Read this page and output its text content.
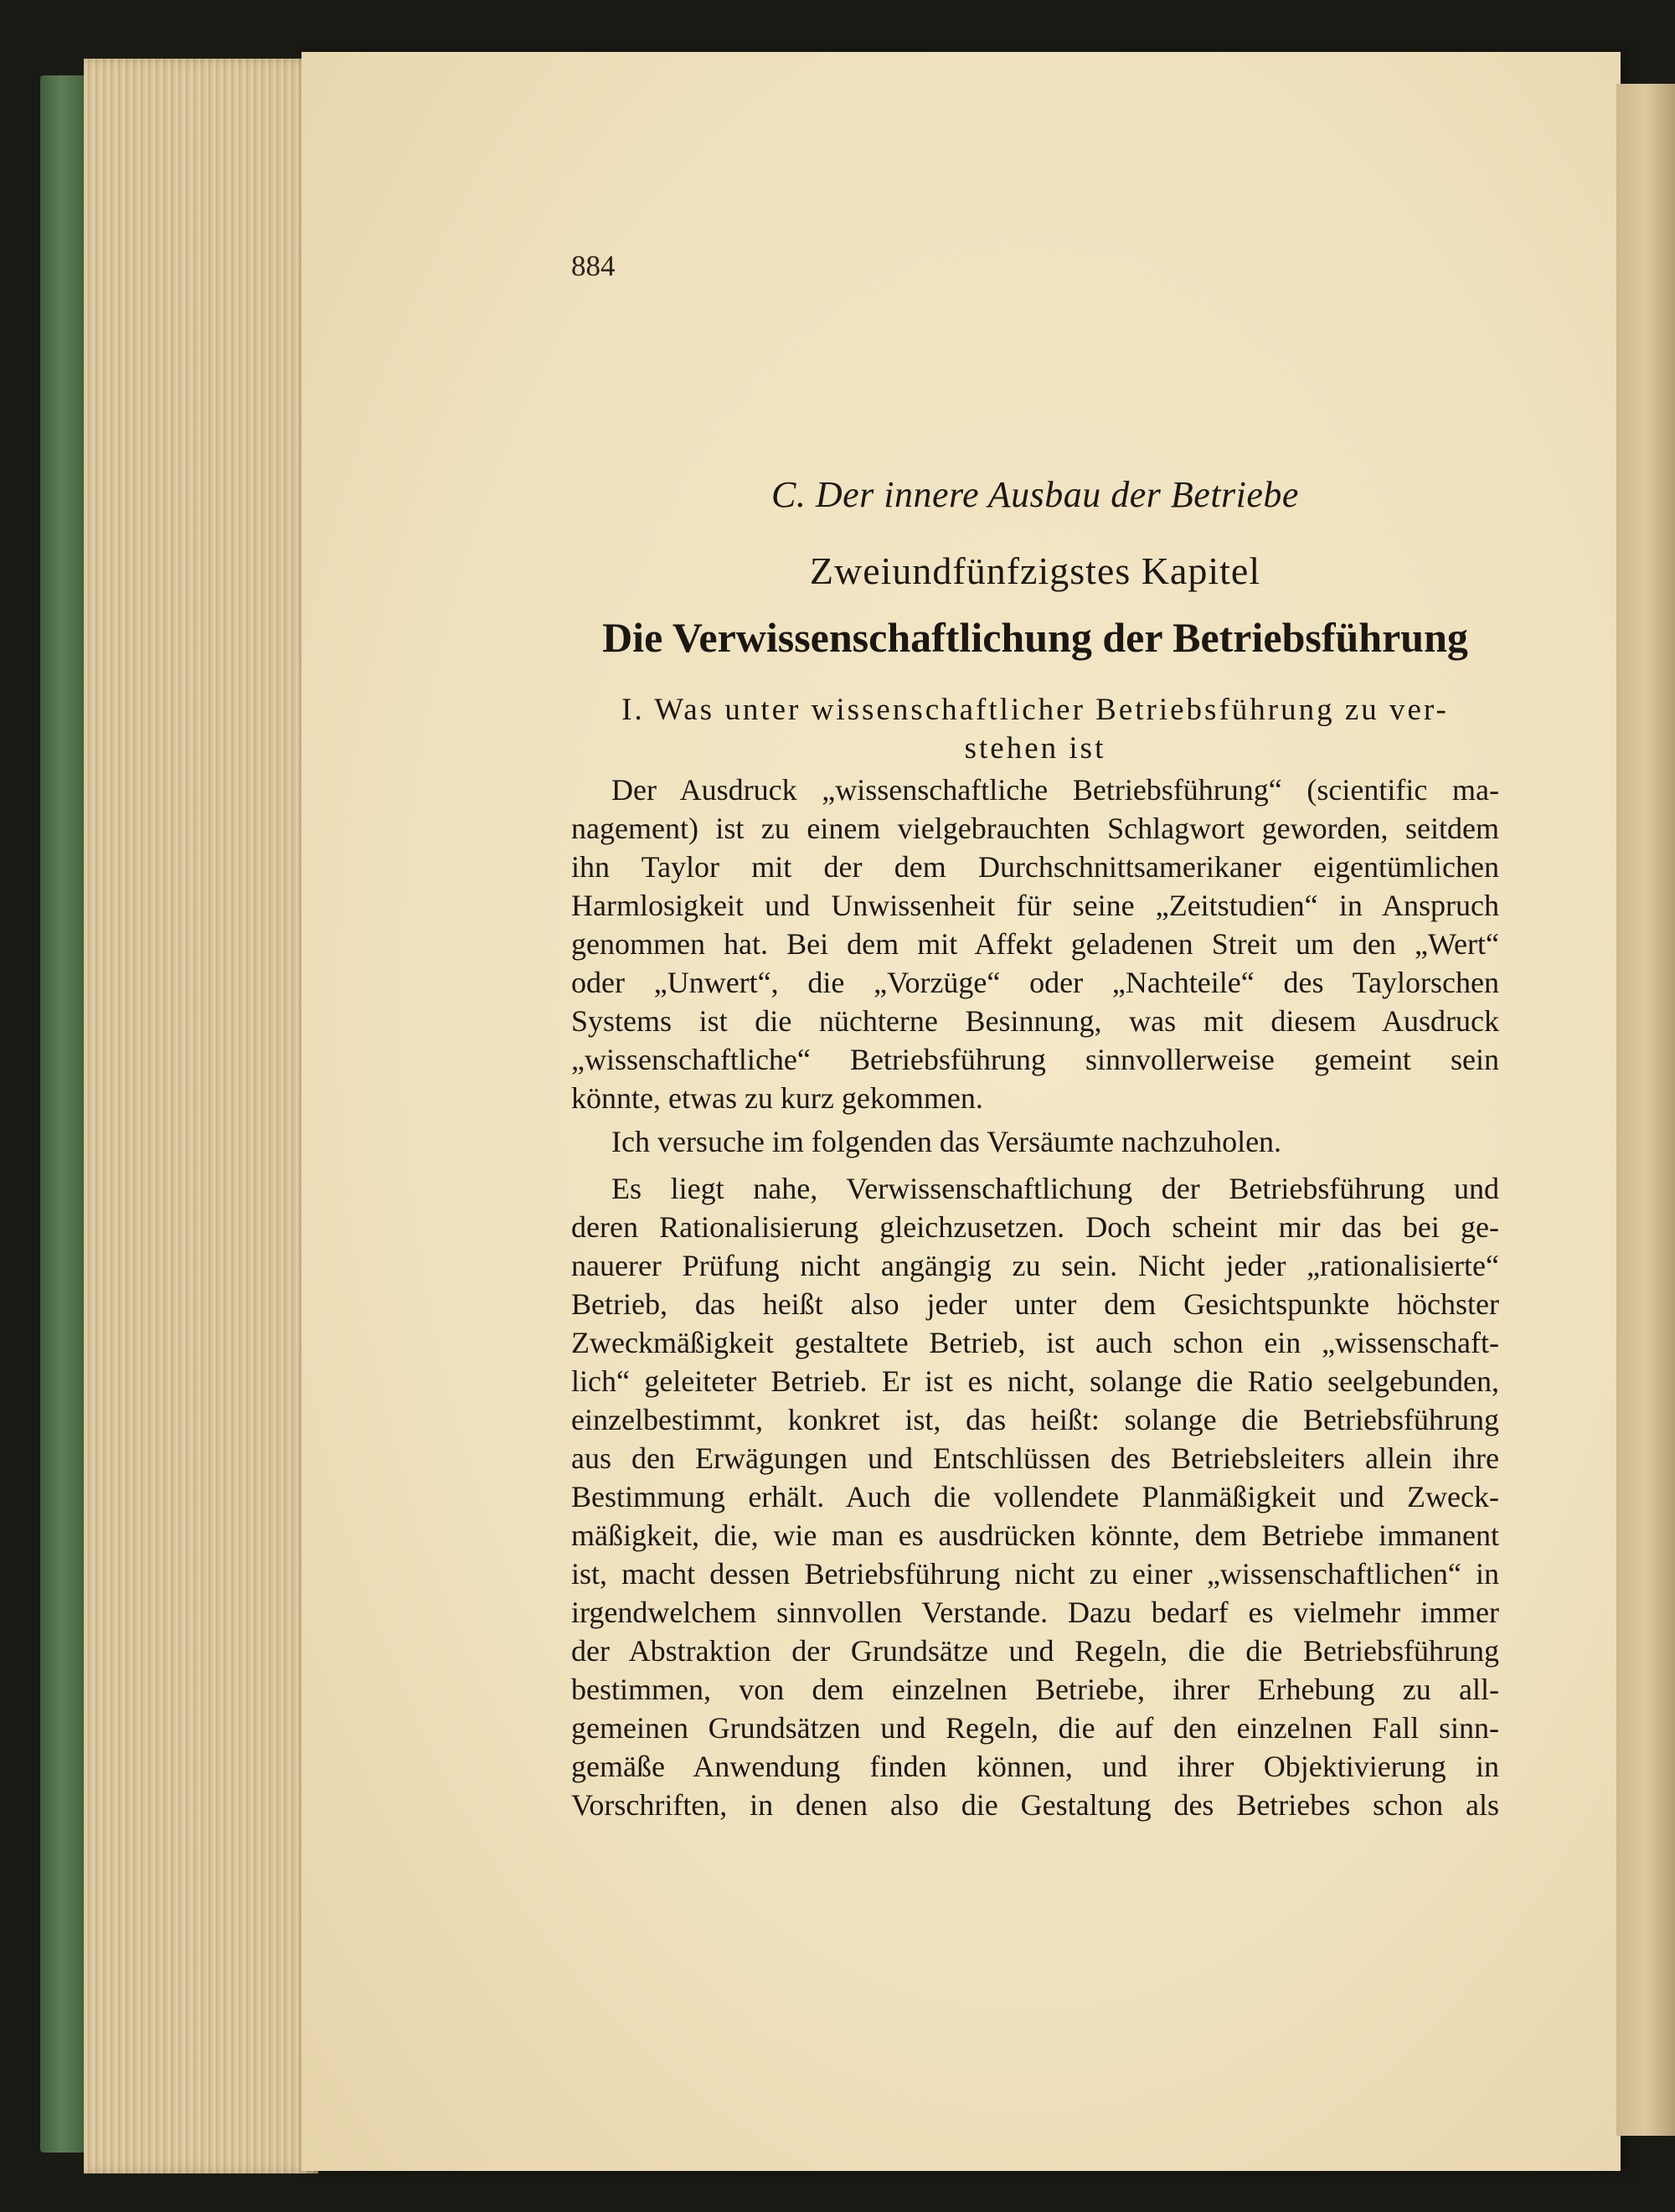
884
C. Der innere Ausbau der Betriebe
Zweiundfünfzigstes Kapitel
Die Verwissenschaftlichung der Betriebsführung
I. Was unter wissenschaftlicher Betriebsführung zu ver-
stehen ist
Der Ausdruck „wissenschaftliche Betriebsführung“ (scientific ma-
nagement) ist zu einem vielgebrauchten Schlagwort geworden, seitdem
ihn Taylor mit der dem Durchschnittsamerikaner eigentümlichen
Harmlosigkeit und Unwissenheit für seine „Zeitstudien“ in Anspruch
genommen hat. Bei dem mit Affekt geladenen Streit um den „Wert“
oder „Unwert“, die „Vorzüge“ oder „Nachteile“ des Taylorschen
Systems ist die nüchterne Besinnung, was mit diesem Ausdruck
„wissenschaftliche“ Betriebsführung sinnvollerweise gemeint sein
könnte, etwas zu kurz gekommen.
Ich versuche im folgenden das Versäumte nachzuholen.
Es liegt nahe, Verwissenschaftlichung der Betriebsführung und
deren Rationalisierung gleichzusetzen. Doch scheint mir das bei ge-
nauerer Prüfung nicht angängig zu sein. Nicht jeder „rationalisierte“
Betrieb, das heißt also jeder unter dem Gesichtspunkte höchster
Zweckmäßigkeit gestaltete Betrieb, ist auch schon ein „wissenschaft-
lich“ geleiteter Betrieb. Er ist es nicht, solange die Ratio seelgebunden,
einzelbestimmt, konkret ist, das heißt: solange die Betriebsführung
aus den Erwägungen und Entschlüssen des Betriebsleiters allein ihre
Bestimmung erhält. Auch die vollendete Planmäßigkeit und Zweck-
mäßigkeit, die, wie man es ausdrücken könnte, dem Betriebe immanent
ist, macht dessen Betriebsführung nicht zu einer „wissenschaftlichen“ in
irgendwelchem sinnvollen Verstande. Dazu bedarf es vielmehr immer
der Abstraktion der Grundsätze und Regeln, die die Betriebsführung
bestimmen, von dem einzelnen Betriebe, ihrer Erhebung zu all-
gemeinen Grundsätzen und Regeln, die auf den einzelnen Fall sinn-
gemäße Anwendung finden können, und ihrer Objektivierung in
Vorschriften, in denen also die Gestaltung des Betriebes schon als
